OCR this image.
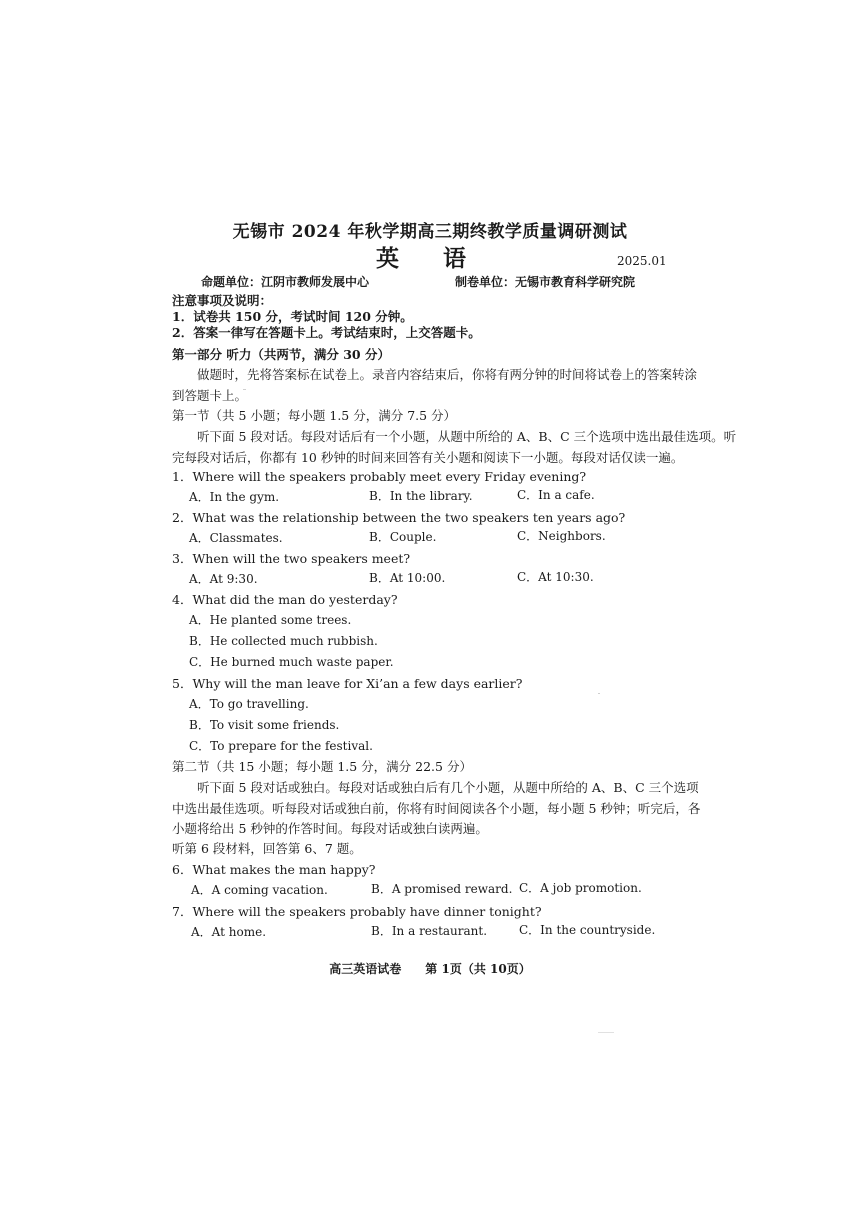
无锡市 2024 年秋学期高三期终教学质量调研测试
英 语	2025.01
命题单位：江阴市教师发展中心	制卷单位：无锡市教育科学研究院
注意事项及说明：
1．试卷共 150 分，考试时间 120 分钟。
2．答案一律写在答题卡上。考试结束时，上交答题卡。
第一部分 听力（共两节，满分 30 分）
做题时，先将答案标在试卷上。录音内容结束后，你将有两分钟的时间将试卷上的答案转涂
到答题卡上。
第一节（共 5 小题；每小题 1.5 分，满分 7.5 分）
听下面 5 段对话。每段对话后有一个小题，从题中所给的 A、B、C 三个选项中选出最佳选项。听
完每段对话后，你都有 10 秒钟的时间来回答有关小题和阅读下一小题。每段对话仅读一遍。
1．Where will the speakers probably meet every Friday evening?
A．In the gym.	B．In the library.	C．In a cafe.
2．What was the relationship between the two speakers ten years ago?
A．Classmates.	B．Couple.	C．Neighbors.
3．When will the two speakers meet?
A．At 9:30.	B．At 10:00.	C．At 10:30.
4．What did the man do yesterday?
A．He planted some trees.
B．He collected much rubbish.
C．He burned much waste paper.
5．Why will the man leave for Xi’an a few days earlier?
A．To go travelling.
B．To visit some friends.
C．To prepare for the festival.
第二节（共 15 小题；每小题 1.5 分，满分 22.5 分）
听下面 5 段对话或独白。每段对话或独白后有几个小题，从题中所给的 A、B、C 三个选项
中选出最佳选项。听每段对话或独白前，你将有时间阅读各个小题，每小题 5 秒钟；听完后，各
小题将给出 5 秒钟的作答时间。每段对话或独白读两遍。
听第 6 段材料，回答第 6、7 题。
6．What makes the man happy?
A．A coming vacation.	B．A promised reward. C．A job promotion.
7．Where will the speakers probably have dinner tonight?
A．At home.	B．In a restaurant.	C．In the countryside.
高三英语试卷　　第 1页（共 10页）
